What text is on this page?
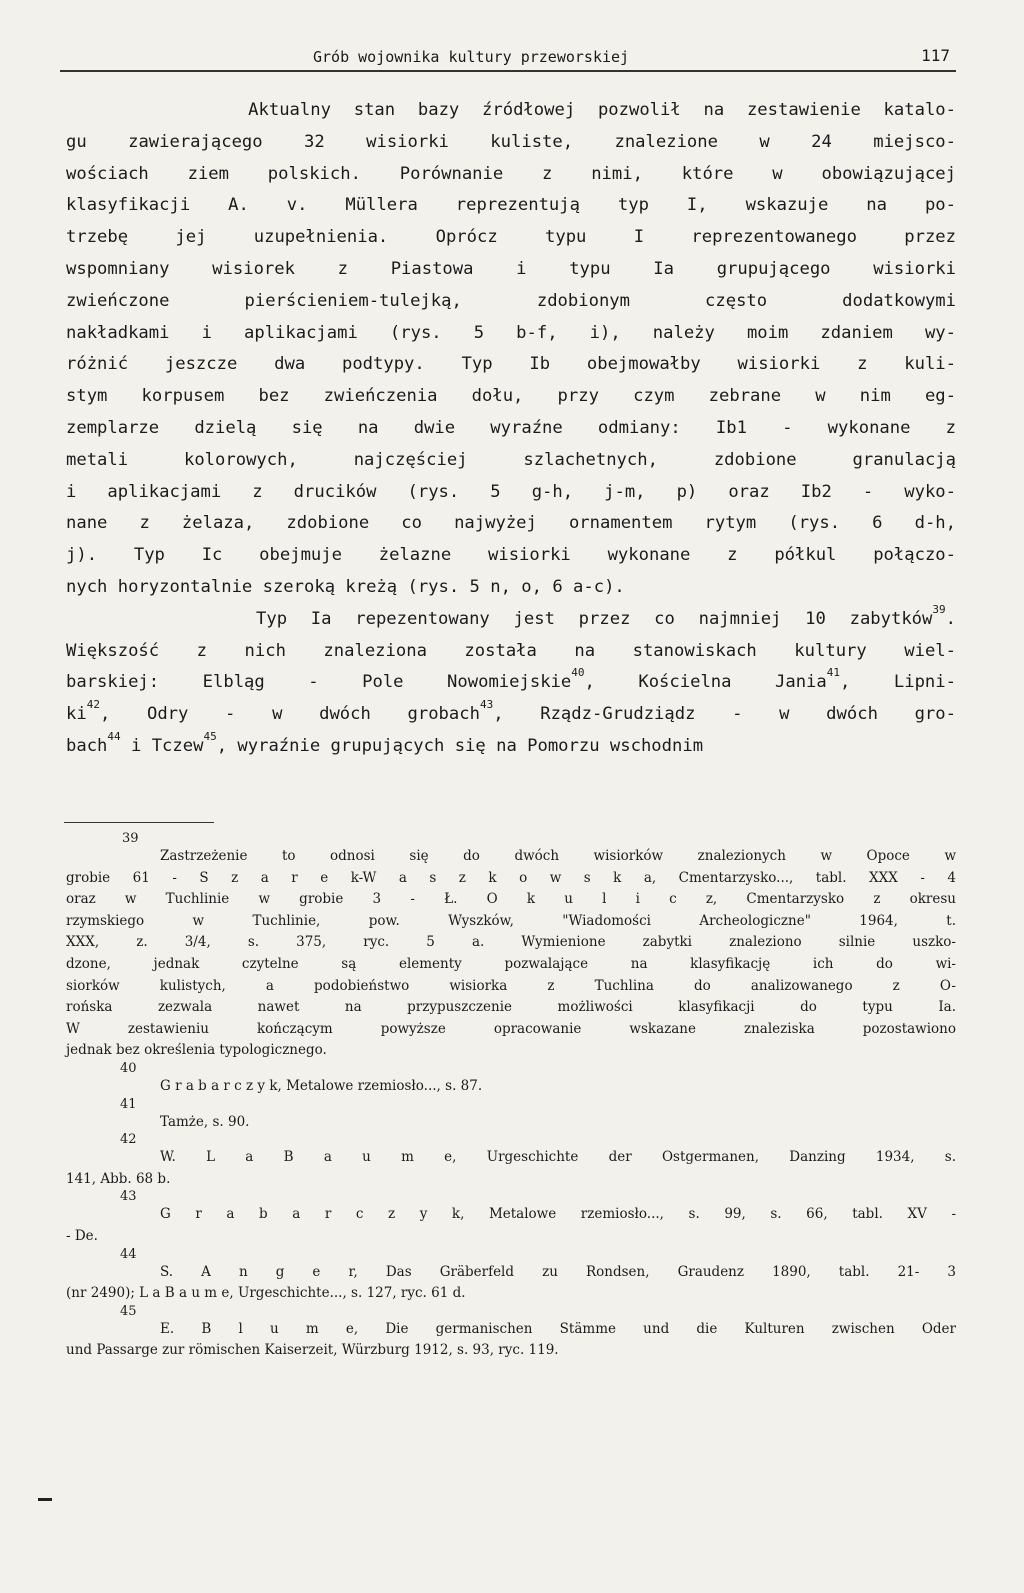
Grób wojownika kultury przeworskiej	117
Aktualny stan bazy źródłowej pozwolił na zestawienie katalo-
gu zawierającego 32 wisiorki kuliste, znalezione w 24 miejsco-
wościach ziem polskich. Porównanie z nimi, które w obowiązującej
klasyfikacji A. v. Müllera reprezentują typ I, wskazuje na po-
trzebę jej uzupełnienia. Oprócz typu I reprezentowanego przez
wspomniany wisiorek z Piastowa i typu Ia grupującego wisiorki
zwieńczone pierścieniem-tulejką, zdobionym często dodatkowymi
nakładkami i aplikacjami (rys. 5 b-f, i), należy moim zdaniem wy-
różnić jeszcze dwa podtypy. Typ Ib obejmowałby wisiorki z kuli-
stym korpusem bez zwieńczenia dołu, przy czym zebrane w nim eg-
zemplarze dzielą się na dwie wyraźne odmiany: Ib1 - wykonane z
metali kolorowych, najczęściej szlachetnych, zdobione granulacją
i aplikacjami z drucików (rys. 5 g-h, j-m, p) oraz Ib2 - wyko-
nane z żelaza, zdobione co najwyżej ornamentem rytym (rys. 6 d-h,
j). Typ Ic obejmuje żelazne wisiorki wykonane z półkul połączo-
nych horyzontalnie szeroką kreżą (rys. 5 n, o, 6 a-c).
Typ Ia repezentowany jest przez co najmniej 10 zabytków$^{39}$.
Większość z nich znaleziona została na stanowiskach kultury wiel-
barskiej: Elbląg - Pole Nowomiejskie$^{40}$, Kościelna Jania$^{41}$, Lipni-
$ki^{42}$, Odry - w dwóch grobach$^{43}$, Rządz-Grudziądz - w dwóch gro-
bach$^{44}$ i Tczew$^{45}$, wyraźnie grupujących się na Pomorzu wschodnim
39
Zastrzeżenie to odnosi się do dwóch wisiorków znalezionych w Opoce w
grobie 61 - S z a r e k-W a s z k o w s k a, Cmentarzysko..., tabl. XXX - 4
oraz w Tuchlinie w grobie 3 - Ł. O k u l i c z, Cmentarzysko z okresu
rzymskiego w Tuchlinie, pow. Wyszków, "Wiadomości Archeologiczne" 1964, t.
XXX, z. 3/4, s. 375, ryc. 5 a. Wymienione zabytki znaleziono silnie uszko-
dzone, jednak czytelne są elementy pozwalające na klasyfikację ich do wi-
siorków kulistych, a podobieństwo wisiorka z Tuchlina do analizowanego z O-
rońska zezwala nawet na przypuszczenie możliwości klasyfikacji do typu Ia.
W zestawieniu kończącym powyższe opracowanie wskazane znaleziska pozostawiono
jednak bez określenia typologicznego.
40
G r a b a r c z y k, Metalowe rzemiosło..., s. 87.
41
Tamże, s. 90.
42
W. L a B a u m e, Urgeschichte der Ostgermanen, Danzing 1934, s.
141, Abb. 68 b.
43
G r a b a r c z y k, Metalowe rzemiosło..., s. 99, s. 66, tabl. XV -
- De.
44
S. A n g e r, Das Gräberfeld zu Rondsen, Graudenz 1890, tabl. 21- 3
(nr 2490); L a B a u m e, Urgeschichte..., s. 127, ryc. 61 d.
45
E. B l u m e, Die germanischen Stämme und die Kulturen zwischen Oder
und Passarge zur römischen Kaiserzeit, Würzburg 1912, s. 93, ryc. 119.
